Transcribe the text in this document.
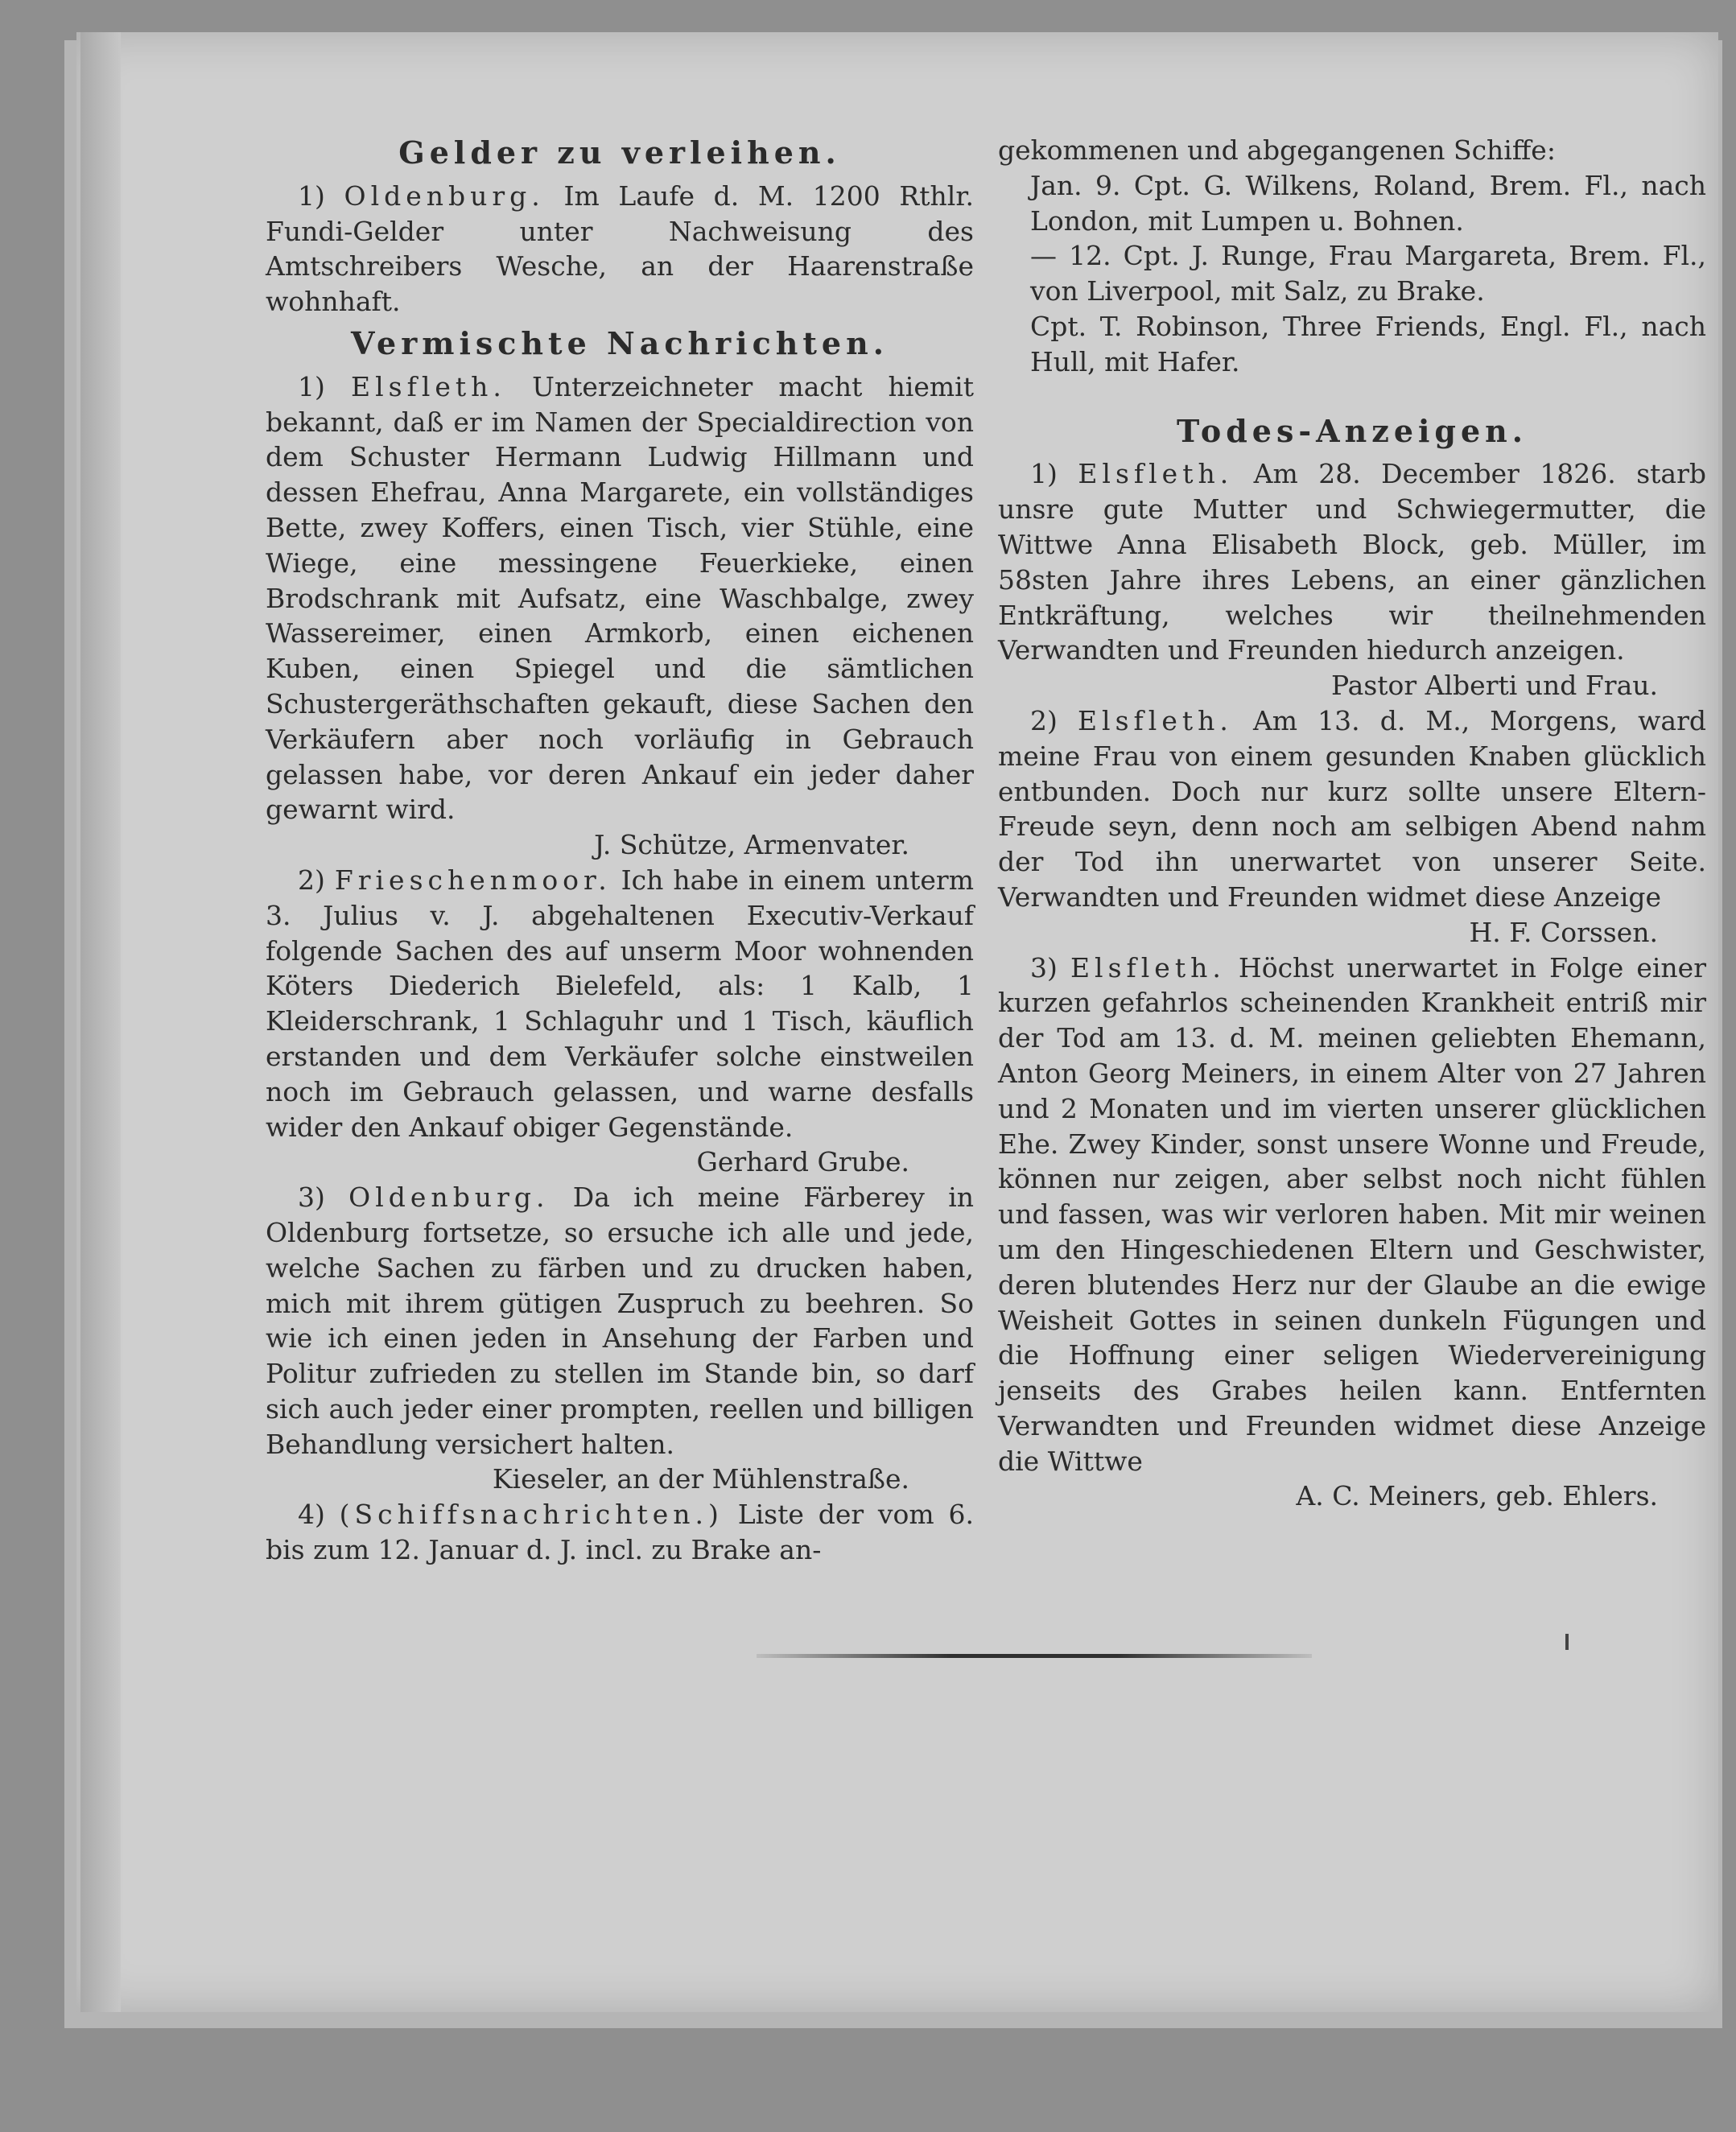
Gelder zu verleihen.

1) Oldenburg. Im Laufe d. M. 1200 Rthlr. Fundi-Gelder unter Nachweisung des Amtschreibers Wesche, an der Haarenstraße wohnhaft.

Vermischte Nachrichten.

1) Elsfleth. Unterzeichneter macht hiemit bekannt, daß er im Namen der Specialdirection von dem Schuster Hermann Ludwig Hillmann und dessen Ehefrau, Anna Margarete, ein vollständiges Bette, zwey Koffers, einen Tisch, vier Stühle, eine Wiege, eine messingene Feuerkieke, einen Brodschrank mit Aufsatz, eine Waschbalge, zwey Wassereimer, einen Armkorb, einen eichenen Kuben, einen Spiegel und die sämtlichen Schustergeräthschaften gekauft, diese Sachen den Verkäufern aber noch vorläufig in Gebrauch gelassen habe, vor deren Ankauf ein jeder daher gewarnt wird.

J. Schütze, Armenvater.

2) Frieschenmoor. Ich habe in einem unterm 3. Julius v. J. abgehaltenen Executiv-Verkauf folgende Sachen des auf unserm Moor wohnenden Köters Diederich Bielefeld, als: 1 Kalb, 1 Kleiderschrank, 1 Schlaguhr und 1 Tisch, käuflich erstanden und dem Verkäufer solche einstweilen noch im Gebrauch gelassen, und warne desfalls wider den Ankauf obiger Gegenstände.

Gerhard Grube.

3) Oldenburg. Da ich meine Färberey in Oldenburg fortsetze, so ersuche ich alle und jede, welche Sachen zu färben und zu drucken haben, mich mit ihrem gütigen Zuspruch zu beehren. So wie ich einen jeden in Ansehung der Farben und Politur zufrieden zu stellen im Stande bin, so darf sich auch jeder einer prompten, reellen und billigen Behandlung versichert halten.

Kieseler, an der Mühlenstraße.

4) (Schiffsnachrichten.) Liste der vom 6. bis zum 12. Januar d. J. incl. zu Brake an-

gekommenen und abgegangenen Schiffe:

Jan. 9. Cpt. G. Wilkens, Roland, Brem. Fl., nach London, mit Lumpen u. Bohnen.

— 12. Cpt. J. Runge, Frau Margareta, Brem. Fl., von Liverpool, mit Salz, zu Brake.

Cpt. T. Robinson, Three Friends, Engl. Fl., nach Hull, mit Hafer.

Todes-Anzeigen.

1) Elsfleth. Am 28. December 1826. starb unsre gute Mutter und Schwiegermutter, die Wittwe Anna Elisabeth Block, geb. Müller, im 58sten Jahre ihres Lebens, an einer gänzlichen Entkräftung, welches wir theilnehmenden Verwandten und Freunden hiedurch anzeigen.

Pastor Alberti und Frau.

2) Elsfleth. Am 13. d. M., Morgens, ward meine Frau von einem gesunden Knaben glücklich entbunden. Doch nur kurz sollte unsere Eltern-Freude seyn, denn noch am selbigen Abend nahm der Tod ihn unerwartet von unserer Seite. Verwandten und Freunden widmet diese Anzeige

H. F. Corssen.

3) Elsfleth. Höchst unerwartet in Folge einer kurzen gefahrlos scheinenden Krankheit entriß mir der Tod am 13. d. M. meinen geliebten Ehemann, Anton Georg Meiners, in einem Alter von 27 Jahren und 2 Monaten und im vierten unserer glücklichen Ehe. Zwey Kinder, sonst unsere Wonne und Freude, können nur zeigen, aber selbst noch nicht fühlen und fassen, was wir verloren haben. Mit mir weinen um den Hingeschiedenen Eltern und Geschwister, deren blutendes Herz nur der Glaube an die ewige Weisheit Gottes in seinen dunkeln Fügungen und die Hoffnung einer seligen Wiedervereinigung jenseits des Grabes heilen kann. Entfernten Verwandten und Freunden widmet diese Anzeige die Wittwe

A. C. Meiners, geb. Ehlers.
